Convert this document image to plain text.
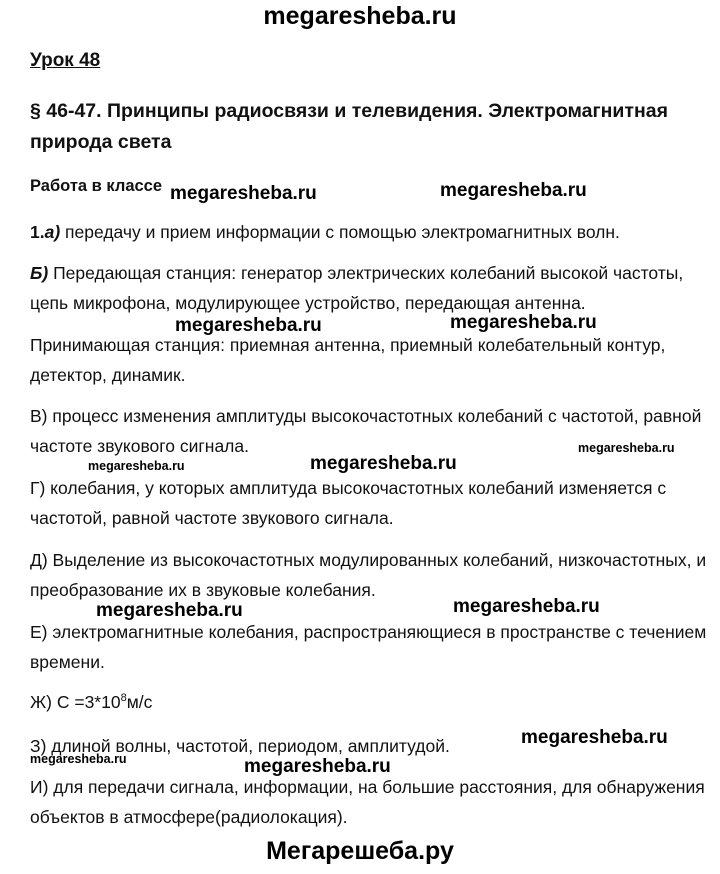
megaresheba.ru
Урок 48
§ 46-47. Принципы радиосвязи и телевидения. Электромагнитная природа света
Работа в классе
1.а) передачу и прием информации с помощью электромагнитных волн.
Б) Передающая станция: генератор электрических колебаний высокой частоты, цепь микрофона, модулирующее устройство, передающая антенна.
Принимающая станция: приемная антенна, приемный колебательный контур, детектор, динамик.
В) процесс изменения амплитуды высокочастотных колебаний с частотой, равной частоте звукового сигнала.
Г) колебания, у которых амплитуда высокочастотных колебаний изменяется с частотой, равной частоте звукового сигнала.
Д) Выделение из высокочастотных модулированных колебаний, низкочастотных, и преобразование их в звуковые колебания.
Е) электромагнитные колебания, распространяющиеся в пространстве с течением времени.
Ж) $С =3*10^8м/с$
З) длиной волны, частотой, периодом, амплитудой.
И) для передачи сигнала, информации, на большие расстояния, для обнаружения объектов в атмосфере(радиолокация).
megaresheba.ru	megaresheba.ru
megaresheba.ru	megaresheba.ru
megaresheba.ru
megaresheba.ru	megaresheba.ru
megaresheba.ru	megaresheba.ru
megaresheba.ru
megaresheba.ru	megaresheba.ru
Мегарешеба.ру
